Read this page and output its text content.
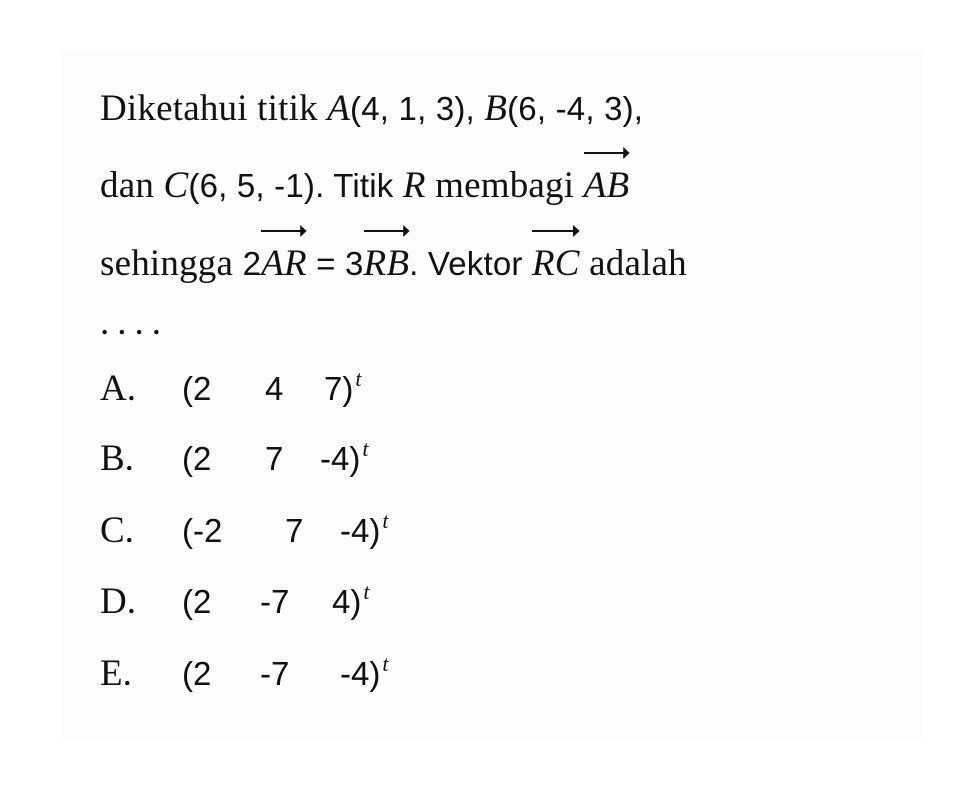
Diketahui titik A(4, 1, 3), B(6, -4, 3),
dan C(6, 5, -1). Titik R membagi
AB
sehingga 2
AR = 3
RB. Vektor
RC adalah
....
A. (2 4 7)$^t$
B. (2 7 -4)$^t$
C. (-2 7 -4)$^t$
D. (2 -7 4)$^t$
E. (2 -7 -4)$^t$
